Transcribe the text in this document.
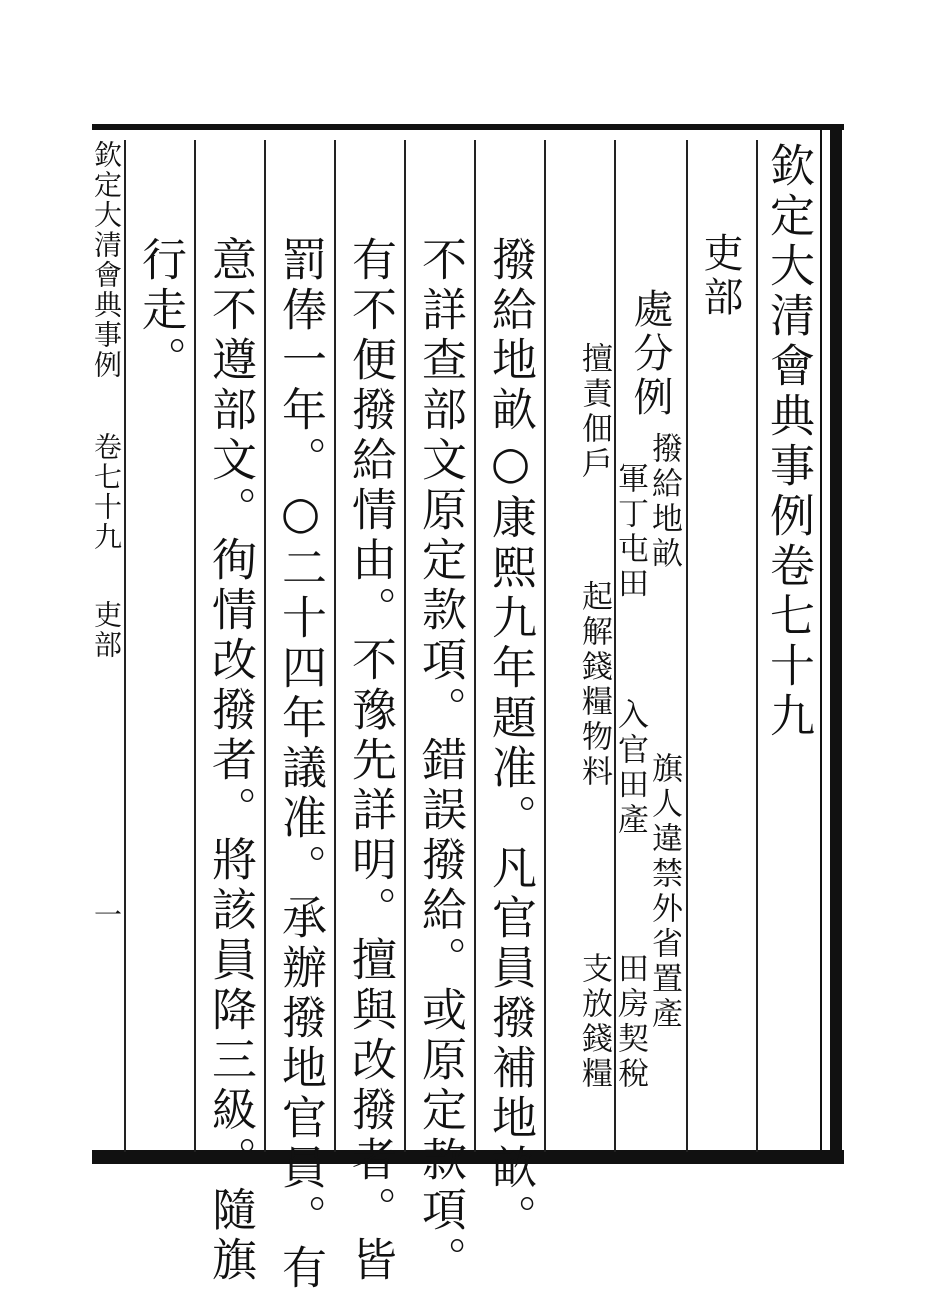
欽定大清會典事例卷七十九
吏部
處分例
撥給地畝
旗人違禁外省置產
軍丁屯田
入官田產
田房契稅
擅責佃戶
起解錢糧物料
支放錢糧
撥給地畝○康熙九年題准。凡官員撥補地畝。
不詳查部文原定款項。錯誤撥給。或原定款項。
有不便撥給情由。不豫先詳明。擅與改撥者。皆
罰俸一年。○二十四年議准。承辦撥地官員。有
意不遵部文。徇情改撥者。將該員降三級。隨旗
行走。
欽定大清會典事例
卷七十九
吏部
一
